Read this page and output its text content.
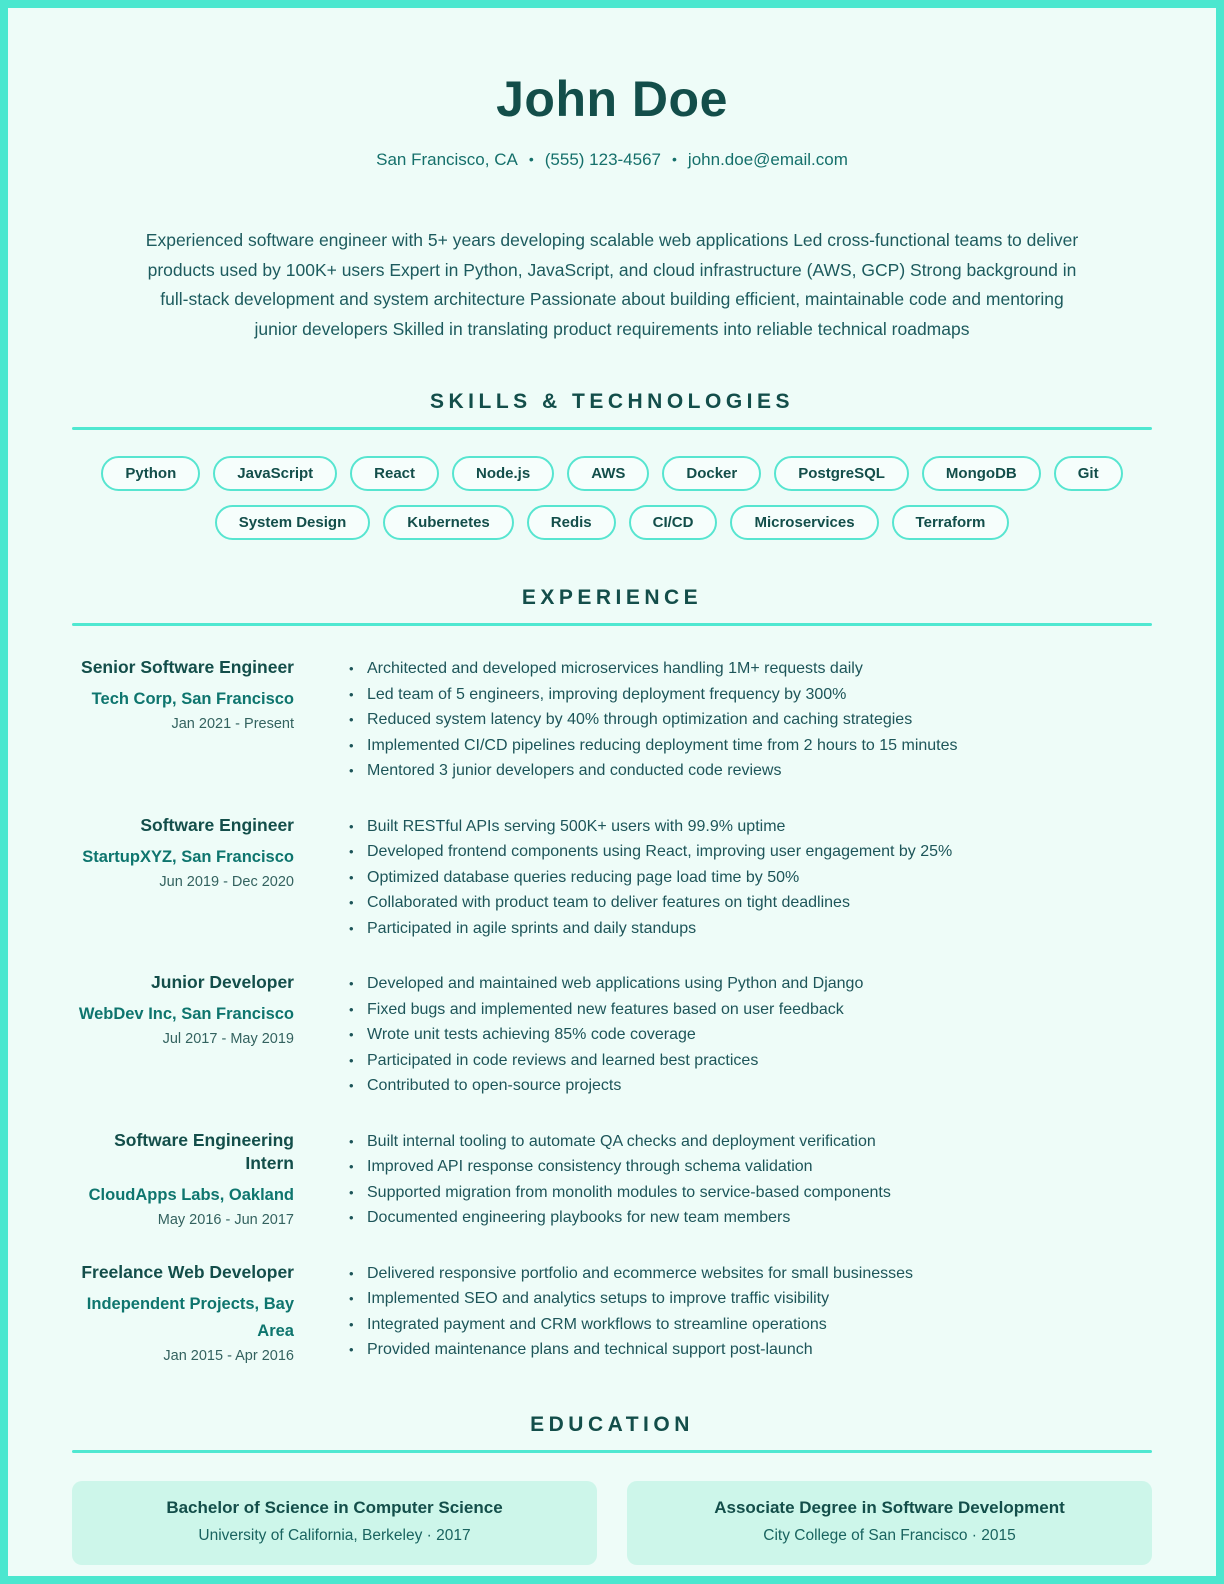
John Doe
San Francisco, CA • (555) 123-4567 • john.doe@email.com

Experienced software engineer with 5+ years developing scalable web applications Led cross-functional teams to deliver products used by 100K+ users Expert in Python, JavaScript, and cloud infrastructure (AWS, GCP) Strong background in full-stack development and system architecture Passionate about building efficient, maintainable code and mentoring junior developers Skilled in translating product requirements into reliable technical roadmaps

SKILLS & TECHNOLOGIES
Python	JavaScript	React	Node.js	AWS	Docker	PostgreSQL	MongoDB	Git
System Design	Kubernetes	Redis	CI/CD	Microservices	Terraform
EXPERIENCE
Senior Software Engineer
Tech Corp, San Francisco
Jan 2021 - Present
• Architected and developed microservices handling 1M+ requests daily
• Led team of 5 engineers, improving deployment frequency by 300%
• Reduced system latency by 40% through optimization and caching strategies
• Implemented CI/CD pipelines reducing deployment time from 2 hours to 15 minutes
• Mentored 3 junior developers and conducted code reviews
Software Engineer
StartupXYZ, San Francisco
Jun 2019 - Dec 2020
• Built RESTful APIs serving 500K+ users with 99.9% uptime
• Developed frontend components using React, improving user engagement by 25%
• Optimized database queries reducing page load time by 50%
• Collaborated with product team to deliver features on tight deadlines
• Participated in agile sprints and daily standups
Junior Developer
WebDev Inc, San Francisco
Jul 2017 - May 2019
• Developed and maintained web applications using Python and Django
• Fixed bugs and implemented new features based on user feedback
• Wrote unit tests achieving 85% code coverage
• Participated in code reviews and learned best practices
• Contributed to open-source projects
Software Engineering Intern
CloudApps Labs, Oakland
May 2016 - Jun 2017
• Built internal tooling to automate QA checks and deployment verification
• Improved API response consistency through schema validation
• Supported migration from monolith modules to service-based components
• Documented engineering playbooks for new team members
Freelance Web Developer
Independent Projects, Bay Area
Jan 2015 - Apr 2016
• Delivered responsive portfolio and ecommerce websites for small businesses
• Implemented SEO and analytics setups to improve traffic visibility
• Integrated payment and CRM workflows to streamline operations
• Provided maintenance plans and technical support post-launch
EDUCATION
Bachelor of Science in Computer Science
University of California, Berkeley · 2017
Associate Degree in Software Development
City College of San Francisco · 2015
